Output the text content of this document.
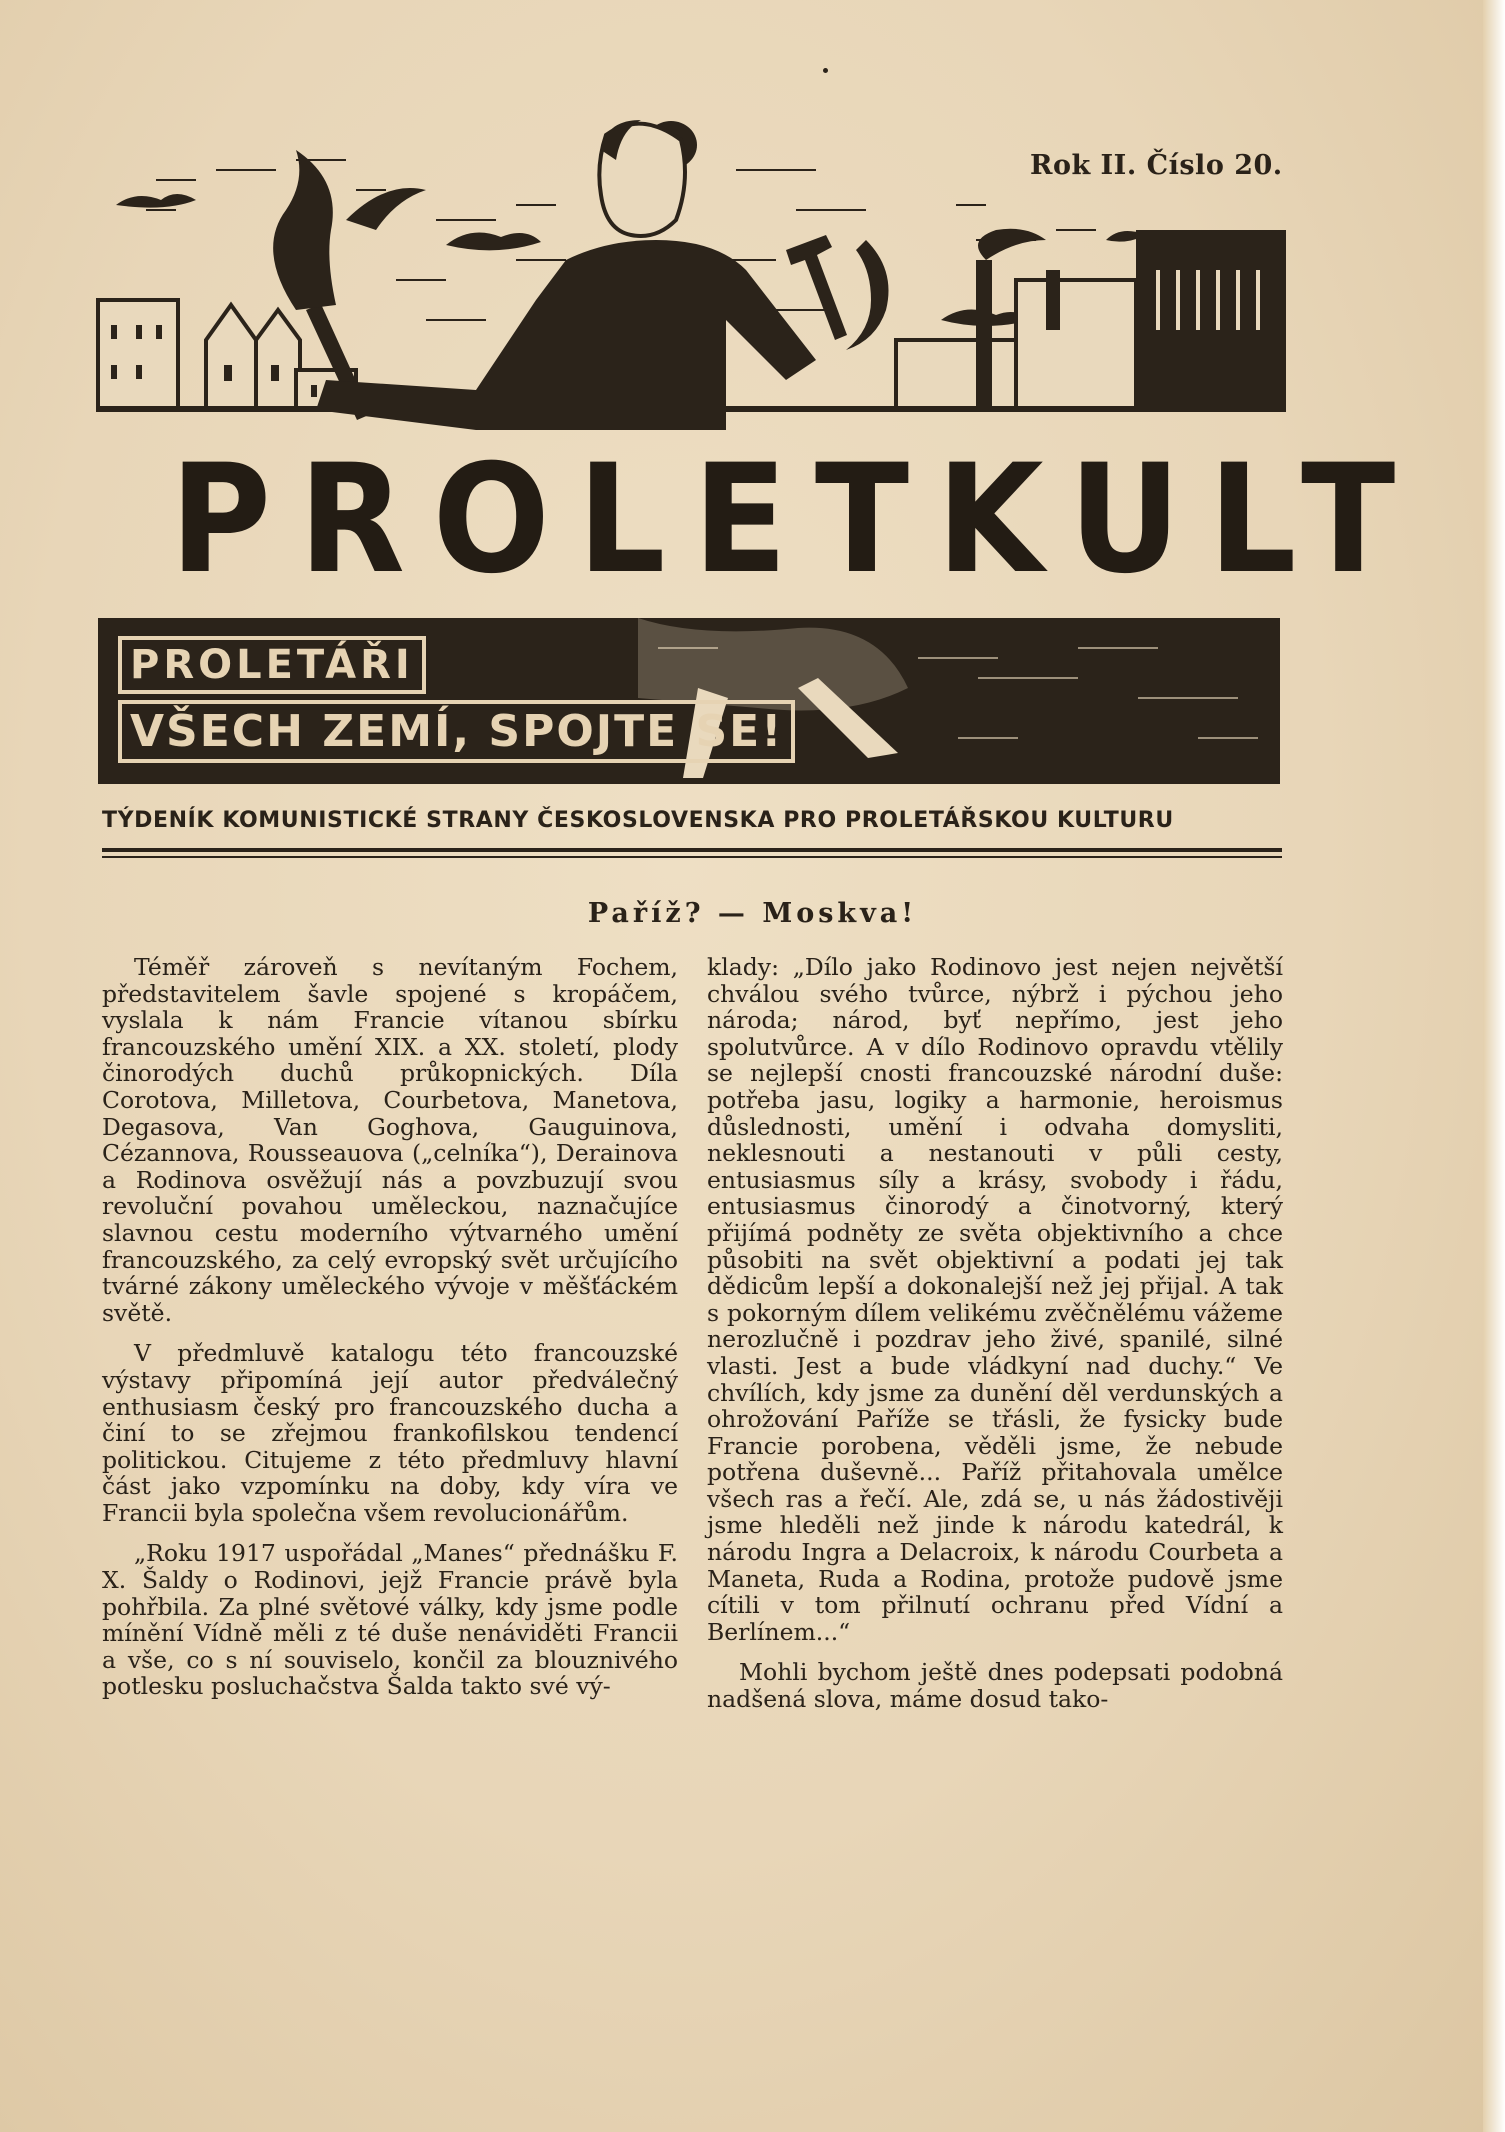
Rok II. Číslo 20.
PROLETKULT
PROLETÁŘI
VŠECH ZEMÍ, SPOJTE SE!
TÝDENÍK KOMUNISTICKÉ STRANY ČESKOSLOVENSKA PRO PROLETÁŘSKOU KULTURU
Paříž? — Moskva!

Téměř zároveň s nevítaným Fochem, představitelem šavle spojené s kropáčem, vyslala k nám Francie vítanou sbírku francouzského umění XIX. a XX. století, plody činorodých duchů průkopnických. Díla Corotova, Milletova, Courbetova, Manetova, Degasova, Van Goghova, Gauguinova, Cézannova, Rousseauova („celníka“), Derainova a Rodinova osvěžují nás a povzbuzují svou revoluční povahou uměleckou, naznačujíce slavnou cestu moderního výtvarného umění francouzského, za celý evropský svět určujícího tvárné zákony uměleckého vývoje v měšťáckém světě.

V předmluvě katalogu této francouzské výstavy připomíná její autor předválečný enthusiasm český pro francouzského ducha a činí to se zřejmou frankofilskou tendencí politickou. Citujeme z této předmluvy hlavní část jako vzpomínku na doby, kdy víra ve Francii byla společna všem revolucionářům.

„Roku 1917 uspořádal „Manes“ přednášku F. X. Šaldy o Rodinovi, jejž Francie právě byla pohřbila. Za plné světové války, kdy jsme podle mínění Vídně měli z té duše nenáviděti Francii a vše, co s ní souviselo, končil za blouznivého potlesku posluchačstva Šalda takto své vý-

klady: „Dílo jako Rodinovo jest nejen největší chválou svého tvůrce, nýbrž i pýchou jeho národa; národ, byť nepřímo, jest jeho spolutvůrce. A v dílo Rodinovo opravdu vtělily se nejlepší cnosti francouzské národní duše: potřeba jasu, logiky a harmonie, heroismus důslednosti, umění i odvaha domysliti, neklesnouti a nestanouti v půli cesty, entusiasmus síly a krásy, svobody i řádu, entusiasmus činorodý a činotvorný, který přijímá podněty ze světa objektivního a chce působiti na svět objektivní a podati jej tak dědicům lepší a dokonalejší než jej přijal. A tak s pokorným dílem velikému zvěčnělému vážeme nerozlučně i pozdrav jeho živé, spanilé, silné vlasti. Jest a bude vládkyní nad duchy.“ Ve chvílích, kdy jsme za dunění děl verdunských a ohrožování Paříže se třásli, že fysicky bude Francie porobena, věděli jsme, že nebude potřena duševně... Paříž přitahovala umělce všech ras a řečí. Ale, zdá se, u nás žádostivěji jsme hleděli než jinde k národu katedrál, k národu Ingra a Delacroix, k národu Courbeta a Maneta, Ruda a Rodina, protože pudově jsme cítili v tom přilnutí ochranu před Vídní a Berlínem...“

Mohli bychom ještě dnes podepsati podobná nadšená slova, máme dosud tako-
